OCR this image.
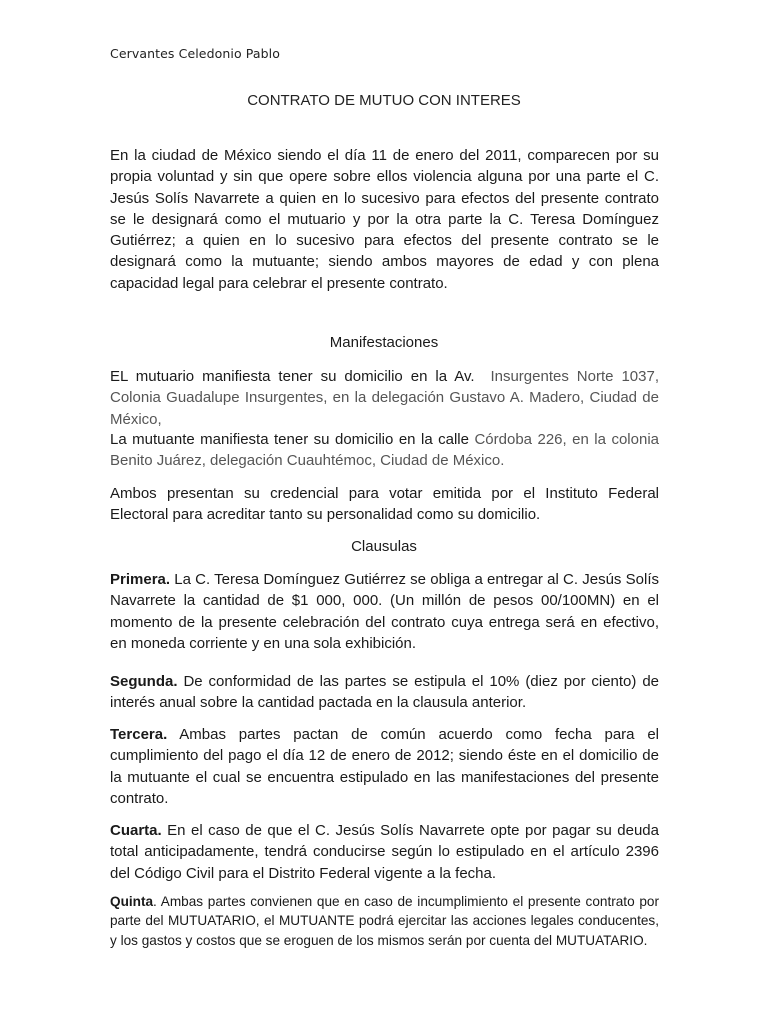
Cervantes Celedonio Pablo
CONTRATO DE MUTUO CON INTERES
En la ciudad de México siendo el día 11 de enero del 2011, comparecen por su propia voluntad y sin que opere sobre ellos violencia alguna por una parte el C. Jesús Solís Navarrete a quien en lo sucesivo para efectos del presente contrato se le designará como el mutuario y por la otra parte la C. Teresa Domínguez Gutiérrez; a quien en lo sucesivo para efectos del presente contrato se le designará como la mutuante; siendo ambos mayores de edad y con plena capacidad legal para celebrar el presente contrato.
Manifestaciones
EL mutuario manifiesta tener su domicilio en la Av. Insurgentes Norte 1037, Colonia Guadalupe Insurgentes, en la delegación Gustavo A. Madero, Ciudad de México,
La mutuante manifiesta tener su domicilio en la calle Córdoba 226, en la colonia Benito Juárez, delegación Cuauhtémoc, Ciudad de México.
Ambos presentan su credencial para votar emitida por el Instituto Federal Electoral para acreditar tanto su personalidad como su domicilio.
Clausulas
Primera. La C. Teresa Domínguez Gutiérrez se obliga a entregar al C. Jesús Solís Navarrete la cantidad de $1 000, 000. (Un millón de pesos 00/100MN) en el momento de la presente celebración del contrato cuya entrega será en efectivo, en moneda corriente y en una sola exhibición.
Segunda. De conformidad de las partes se estipula el 10% (diez por ciento) de interés anual sobre la cantidad pactada en la clausula anterior.
Tercera. Ambas partes pactan de común acuerdo como fecha para el cumplimiento del pago el día 12 de enero de 2012; siendo éste en el domicilio de la mutuante el cual se encuentra estipulado en las manifestaciones del presente contrato.
Cuarta. En el caso de que el C. Jesús Solís Navarrete opte por pagar su deuda total anticipadamente, tendrá conducirse según lo estipulado en el artículo 2396 del Código Civil para el Distrito Federal vigente a la fecha.
Quinta. Ambas partes convienen que en caso de incumplimiento el presente contrato por parte del MUTUATARIO, el MUTUANTE podrá ejercitar las acciones legales conducentes, y los gastos y costos que se eroguen de los mismos serán por cuenta del MUTUATARIO.
